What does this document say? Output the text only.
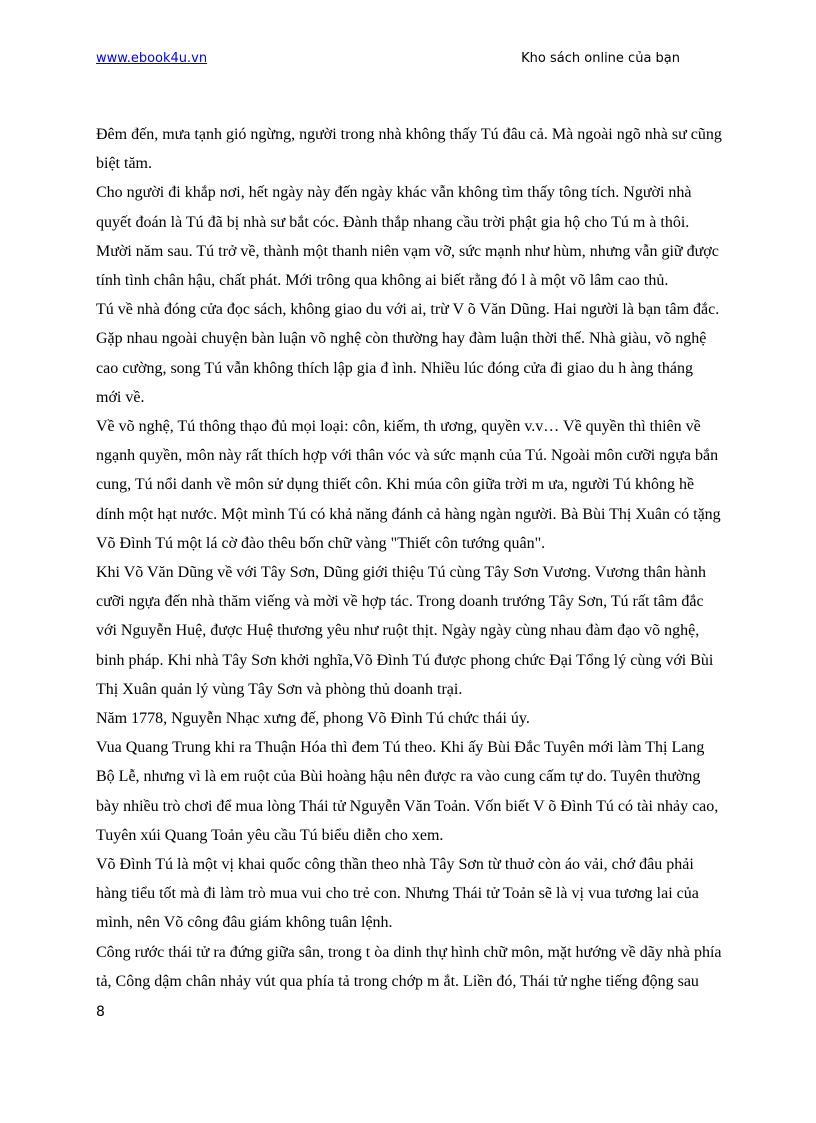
www.ebook4u.vn	Kho sách online của bạn

Đêm đến, mưa tạnh gió ngừng, người trong nhà không thấy Tú đâu cả. Mà ngoài ngõ nhà sư cũng biệt tăm.

Cho người đi khắp nơi, hết ngày này đến ngày khác vẫn không tìm thấy tông tích. Người nhà quyết đoán là Tú đã bị nhà sư bắt cóc. Đành thắp nhang cầu trời phật gia hộ cho Tú m à thôi. Mười năm sau. Tú trở về, thành một thanh niên vạm vỡ, sức mạnh như hùm, nhưng vẫn giữ được tính tình chân hậu, chất phát. Mới trông qua không ai biết rằng đó l à một võ lâm cao thủ.

Tú về nhà đóng cửa đọc sách, không giao du với ai, trừ V õ Văn Dũng. Hai người là bạn tâm đắc. Gặp nhau ngoài chuyện bàn luận võ nghệ còn thường hay đàm luận thời thế. Nhà giàu, võ nghệ cao cường, song Tú vẫn không thích lập gia đ ình. Nhiều lúc đóng cửa đi giao du h àng tháng mới về.

Về võ nghệ, Tú thông thạo đủ mọi loại: côn, kiếm, th ương, quyền v.v… Về quyền thì thiên về ngạnh quyền, môn này rất thích hợp với thân vóc và sức mạnh của Tú. Ngoài môn cưỡi ngựa bắn cung, Tú nổi danh về môn sử dụng thiết côn. Khi múa côn giữa trời m ưa, người Tú không hề dính một hạt nước. Một mình Tú có khả năng đánh cả hàng ngàn người. Bà Bùi Thị Xuân có tặng Võ Đình Tú một lá cờ đào thêu bốn chữ vàng "Thiết côn tướng quân".

Khi Võ Văn Dũng về với Tây Sơn, Dũng giới thiệu Tú cùng Tây Sơn Vương. Vương thân hành cưỡi ngựa đến nhà thăm viếng và mời về hợp tác. Trong doanh trướng Tây Sơn, Tú rất tâm đắc với Nguyễn Huệ, được Huệ thương yêu như ruột thịt. Ngày ngày cùng nhau đàm đạo võ nghệ, binh pháp. Khi nhà Tây Sơn khởi nghĩa,Võ Đình Tú được phong chức Đại Tổng lý cùng với Bùi Thị Xuân quản lý vùng Tây Sơn và phòng thủ doanh trại.

Năm 1778, Nguyễn Nhạc xưng đế, phong Võ Đình Tú chức thái úy.

Vua Quang Trung khi ra Thuận Hóa thì đem Tú theo. Khi ấy Bùi Đắc Tuyên mới làm Thị Lang Bộ Lễ, nhưng vì là em ruột của Bùi hoàng hậu nên được ra vào cung cấm tự do. Tuyên thường bày nhiều trò chơi để mua lòng Thái tử Nguyễn Văn Toản. Vốn biết V õ Đình Tú có tài nhảy cao, Tuyên xúi Quang Toản yêu cầu Tú biểu diễn cho xem.

Võ Đình Tú là một vị khai quốc công thần theo nhà Tây Sơn từ thuở còn áo vải, chớ đâu phải hàng tiểu tốt mà đi làm trò mua vui cho trẻ con. Nhưng Thái tử Toản sẽ là vị vua tương lai của mình, nên Võ công đâu giám không tuân lệnh.

Công rước thái tử ra đứng giữa sân, trong t òa dinh thự hình chữ môn, mặt hướng về dãy nhà phía tả, Công dậm chân nhảy vút qua phía tả trong chớp m ắt. Liền đó, Thái tử nghe tiếng động sau

8
